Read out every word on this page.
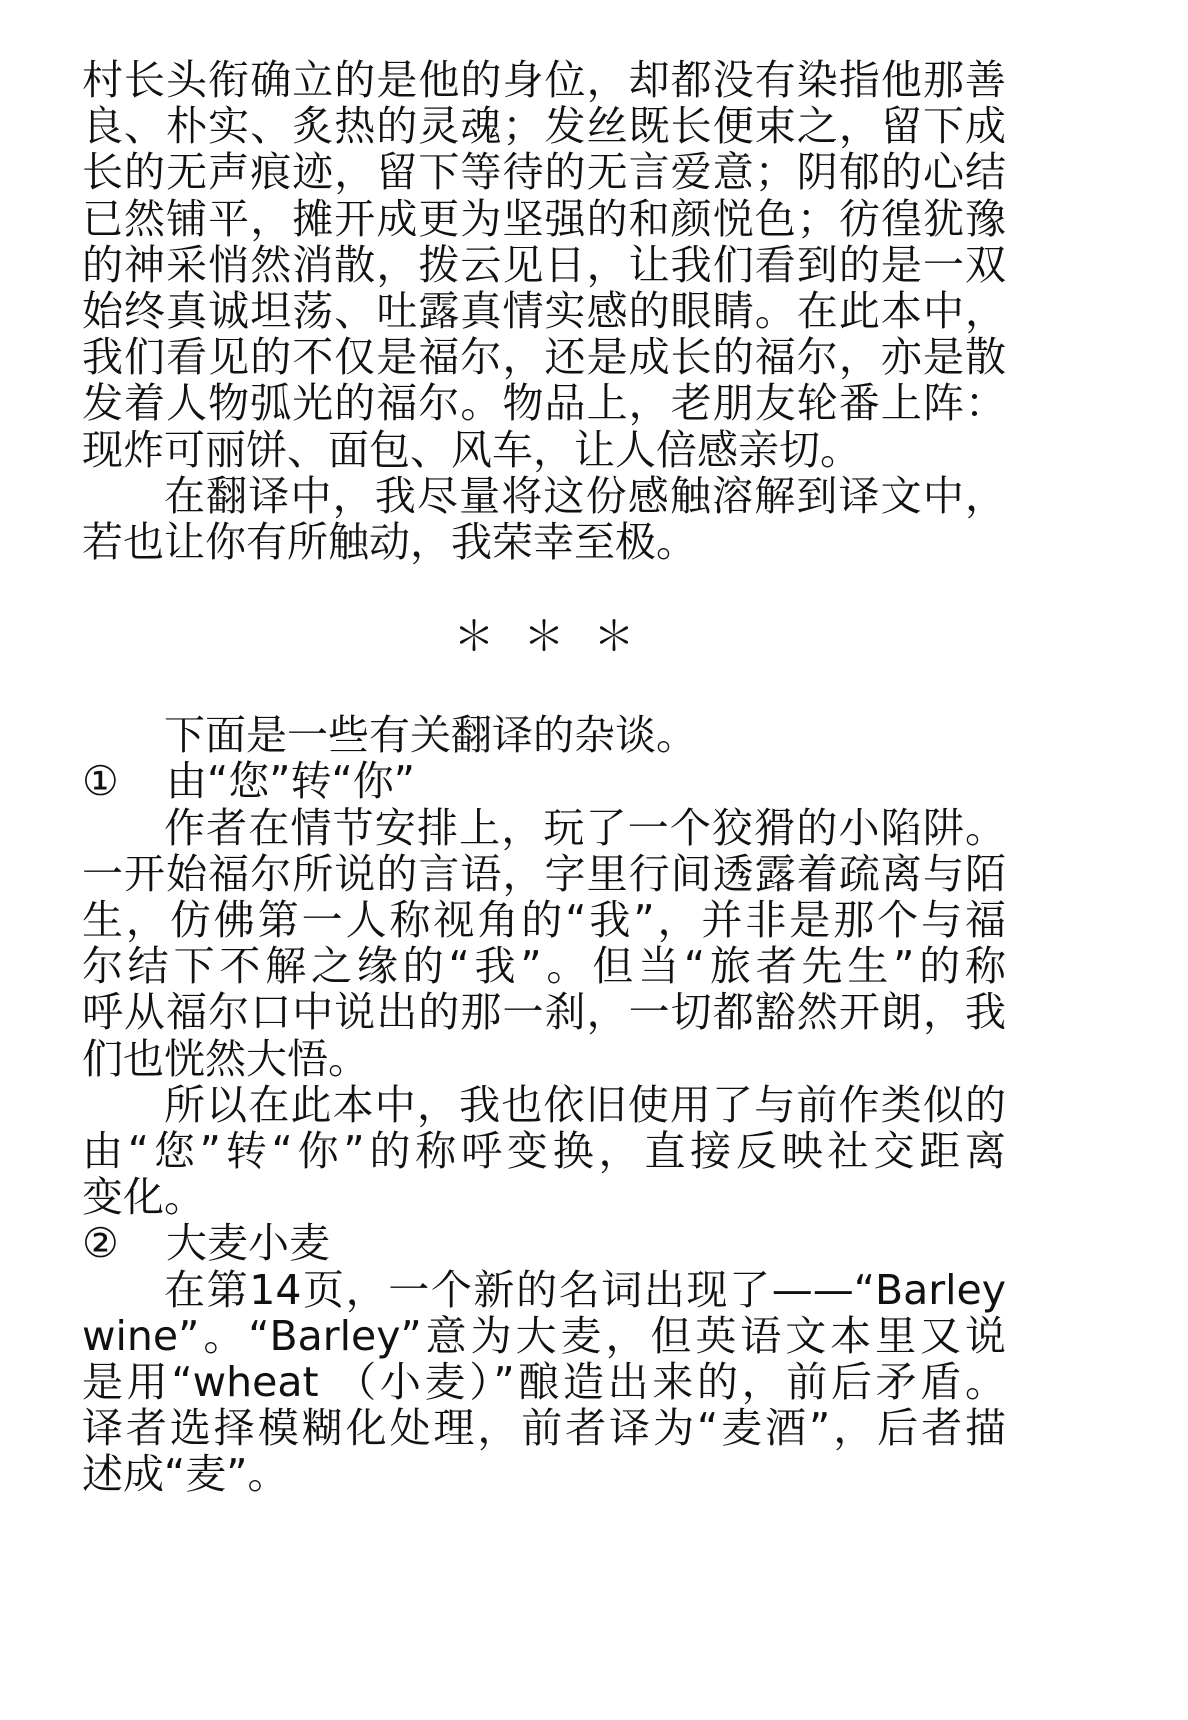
村长头衔确立的是他的身位，却都没有染指他那善
良、朴实、炙热的灵魂；发丝既长便束之，留下成
长的无声痕迹，留下等待的无言爱意；阴郁的心结
已然铺平，摊开成更为坚强的和颜悦色；彷徨犹豫
的神采悄然消散，拨云见日，让我们看到的是一双
始终真诚坦荡、吐露真情实感的眼睛。在此本中，
我们看见的不仅是福尔，还是成长的福尔，亦是散
发着人物弧光的福尔。物品上，老朋友轮番上阵：
现炸可丽饼、面包、风车，让人倍感亲切。
在翻译中，我尽量将这份感触溶解到译文中，
若也让你有所触动，我荣幸至极。
＊ ＊ ＊
下面是一些有关翻译的杂谈。
① 由“您”转“你”
作者在情节安排上，玩了一个狡猾的小陷阱。
一开始福尔所说的言语，字里行间透露着疏离与陌
生，仿佛第一人称视角的“我”，并非是那个与福
尔结下不解之缘的“我”。但当“旅者先生”的称
呼从福尔口中说出的那一刹，一切都豁然开朗，我
们也恍然大悟。
所以在此本中，我也依旧使用了与前作类似的
由“您”转“你”的称呼变换，直接反映社交距离
变化。
② 大麦小麦
在第14页，一个新的名词出现了——“Barley
wine”。“Barley”意为大麦，但英语文本里又说
是用“wheat （小麦）”酿造出来的，前后矛盾。
译者选择模糊化处理，前者译为“麦酒”，后者描
述成“麦”。
